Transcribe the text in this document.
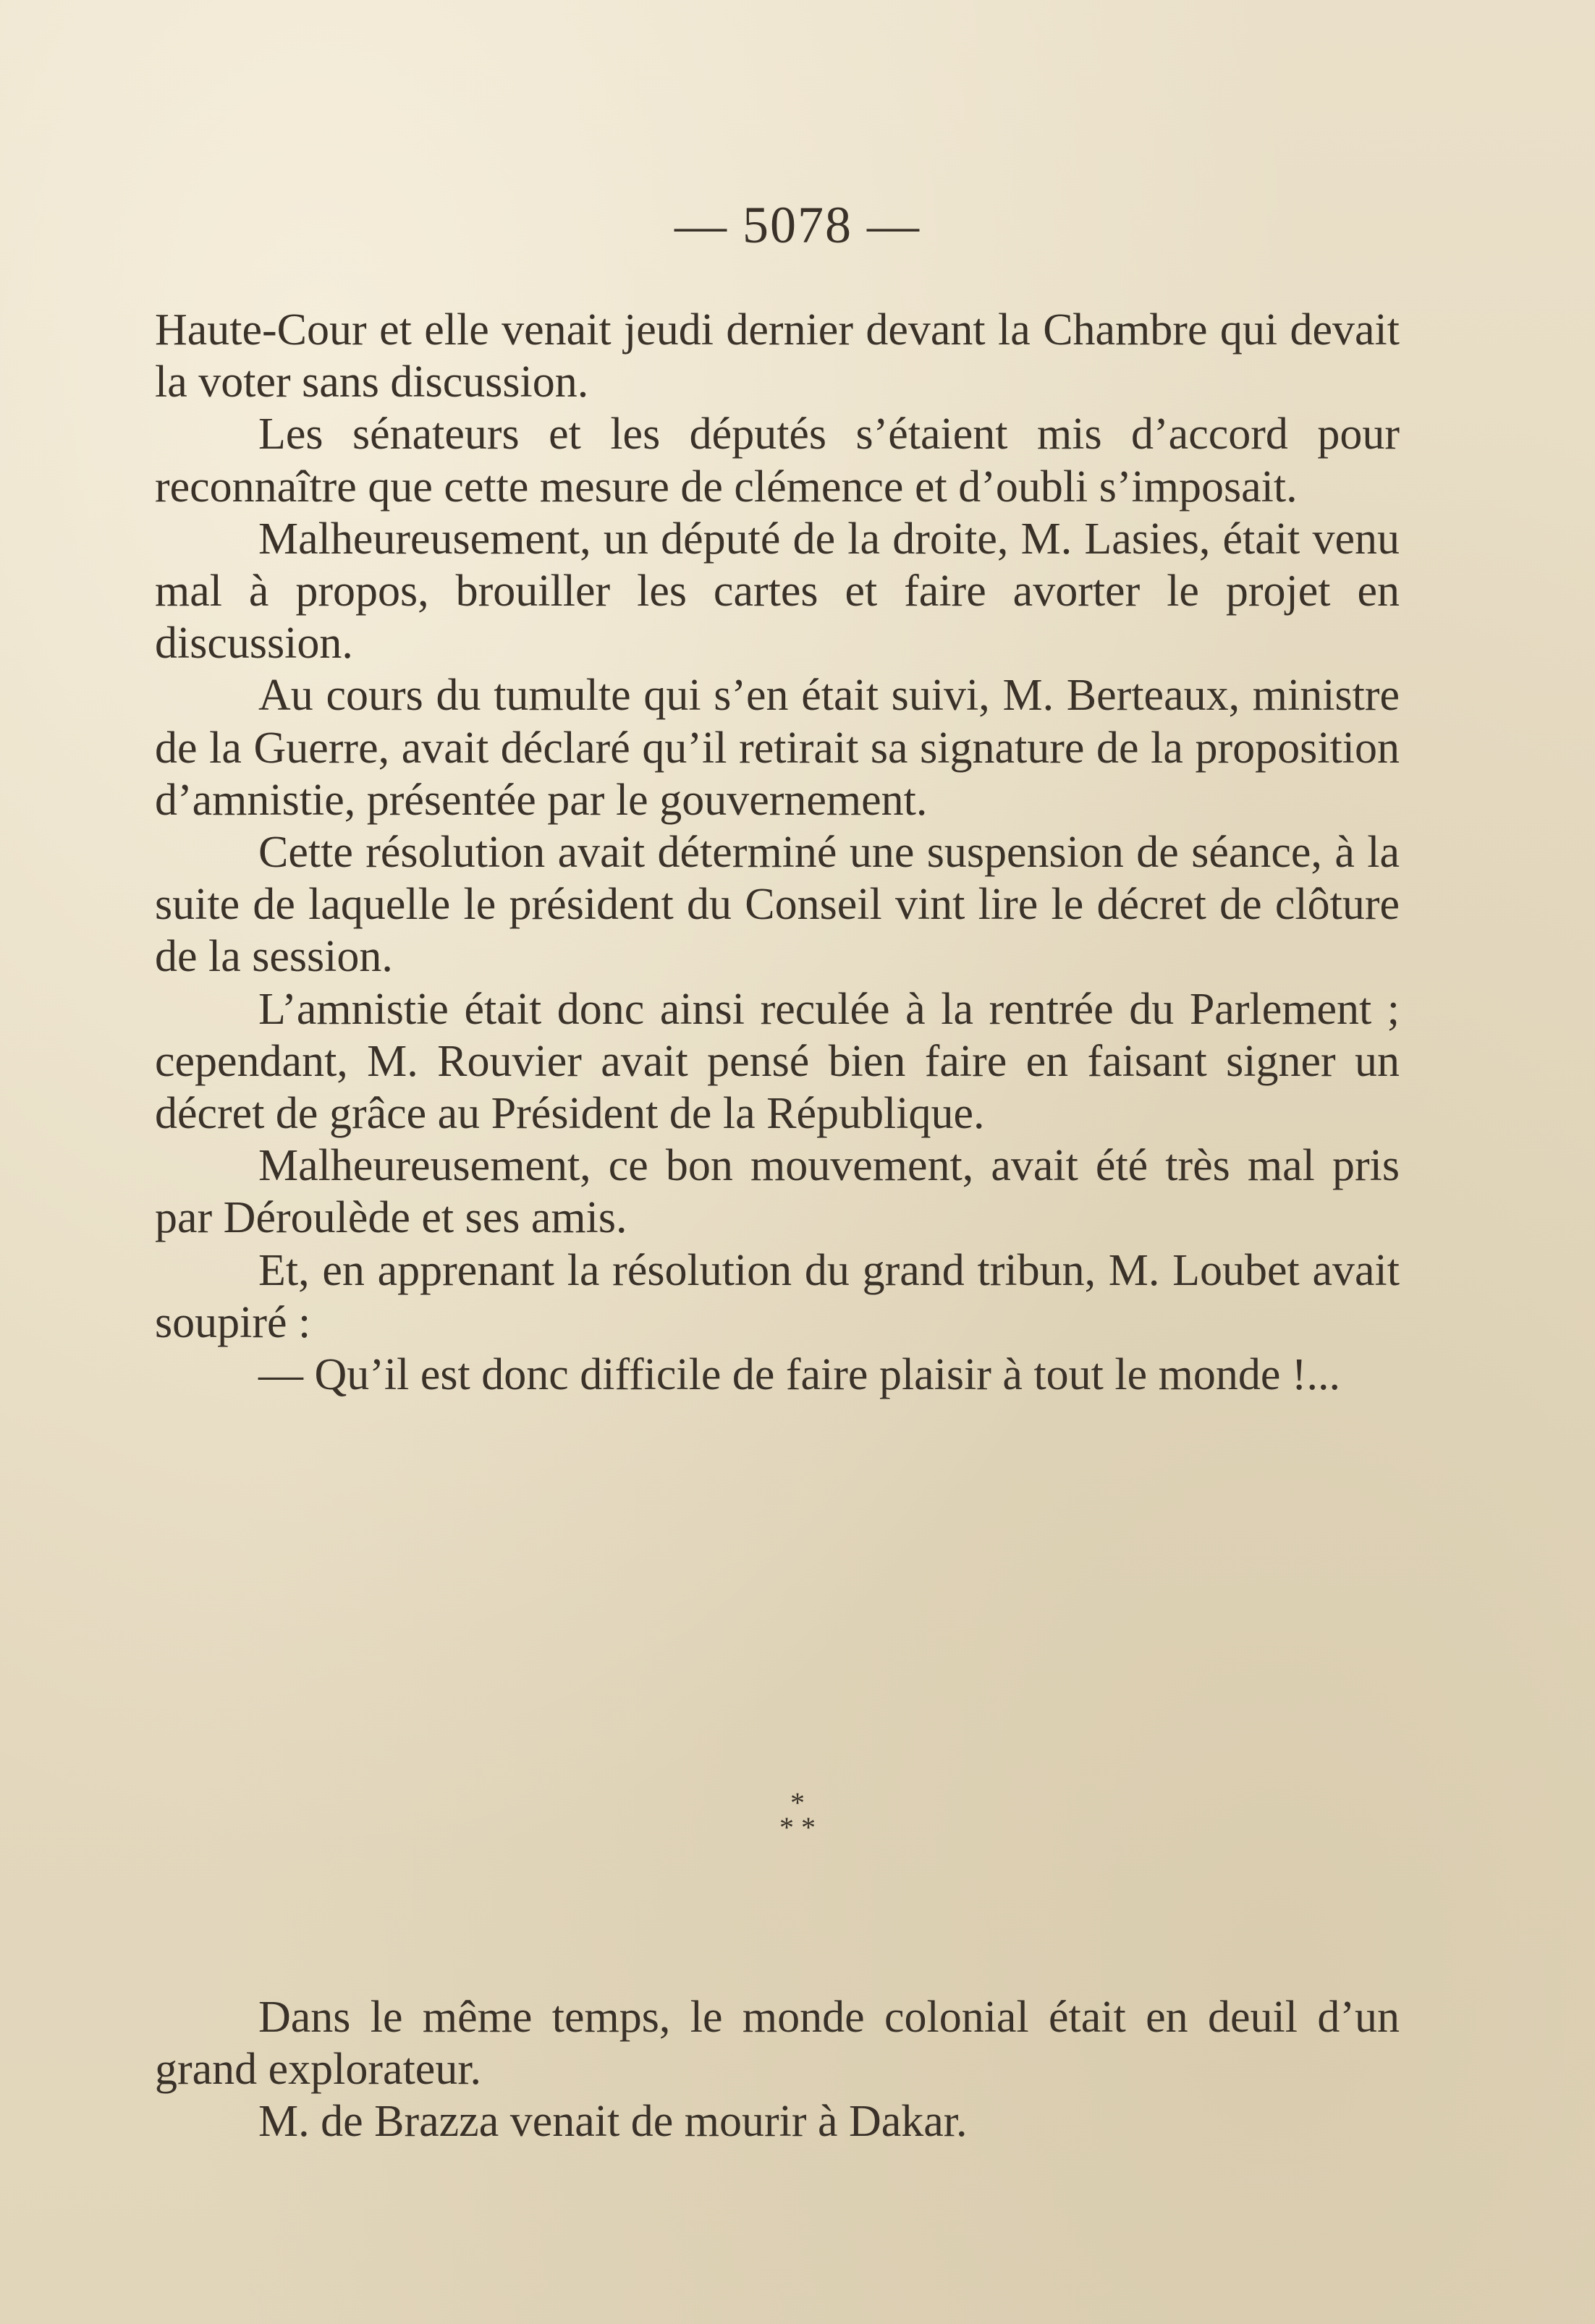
— 5078 —

Haute-Cour et elle venait jeudi dernier devant la Chambre qui devait la voter sans discussion.

Les sénateurs et les députés s’étaient mis d’accord pour reconnaître que cette mesure de clémence et d’oubli s’imposait.

Malheureusement, un député de la droite, M. Lasies, était venu mal à propos, brouiller les cartes et faire avorter le projet en discussion.

Au cours du tumulte qui s’en était suivi, M. Berteaux, ministre de la Guerre, avait déclaré qu’il retirait sa signature de la proposition d’amnistie, présentée par le gouvernement.

Cette résolution avait déterminé une suspension de séance, à la suite de laquelle le président du Conseil vint lire le décret de clôture de la session.

L’amnistie était donc ainsi reculée à la rentrée du Parlement ; cependant, M. Rouvier avait pensé bien faire en faisant signer un décret de grâce au Président de la République.

Malheureusement, ce bon mouvement, avait été très mal pris par Déroulède et ses amis.

Et, en apprenant la résolution du grand tribun, M. Loubet avait soupiré :

— Qu’il est donc difficile de faire plaisir à tout le monde !...

*
* *

Dans le même temps, le monde colonial était en deuil d’un grand explorateur.

M. de Brazza venait de mourir à Dakar.
